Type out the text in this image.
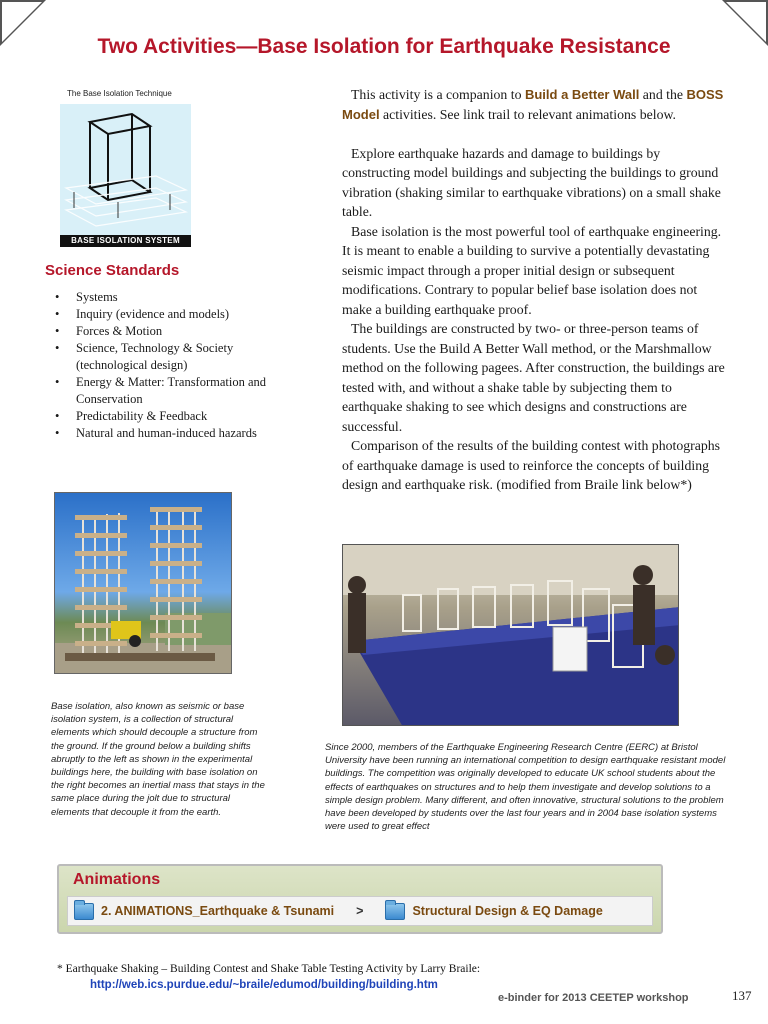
Two Activities—Base Isolation for Earthquake Resistance
The Base Isolation Technique
BASE ISOLATION SYSTEM
Science Standards
• Systems
• Inquiry (evidence and models)
• Forces & Motion
• Science, Technology & Society (technological design)
• Energy & Matter: Transformation and Conservation
• Predictability & Feedback
• Natural and human-induced hazards

This activity is a companion to Build a Better Wall and the BOSS Model activities. See link trail to relevant animations below.

Explore earthquake hazards and damage to buildings by constructing model buildings and subjecting the buildings to ground vibration (shaking similar to earthquake vibrations) on a small shake table.

Base isolation is the most powerful tool of earthquake engineering. It is meant to enable a building to survive a potentially devastating seismic impact through a proper initial design or subsequent modifications. Contrary to popular belief base isolation does not make a building earthquake proof.

The buildings are constructed by two- or three-person teams of students. Use the Build A Better Wall method, or the Marshmallow method on the following pagees. After construction, the buildings are tested with, and without a shake table by subjecting them to earthquake shaking to see which designs and constructions are successful.

Comparison of the results of the building contest with photographs of earthquake damage is used to reinforce the concepts of building design and earthquake risk. (modified from Braile link below*)

Base isolation, also known as seismic or base isolation system, is a collection of structural elements which should decouple a structure from the ground. If the ground below a building shifts abruptly to the left as shown in the experimental buildings here, the building with base isolation on the right becomes an inertial mass that stays in the same place during the jolt due to structural elements that decouple it from the earth.
Since 2000, members of the Earthquake Engineering Research Centre (EERC) at Bristol University have been running an international competition to design earthquake resistant model buildings. The competition was originally developed to educate UK school students about the effects of earthquakes on structures and to help them investigate and develop solutions to a simple design problem. Many different, and often innovative, structural solutions to the problem have been developed by students over the last four years and in 2004 base isolation systems were used to great effect
Animations
2. ANIMATIONS_Earthquake & Tsunami >	Structural Design & EQ Damage
* Earthquake Shaking – Building Contest and Shake Table Testing Activity by Larry Braile:
http://web.ics.purdue.edu/~braile/edumod/building/building.htm
e-binder for 2013 CEETEP workshop	137
